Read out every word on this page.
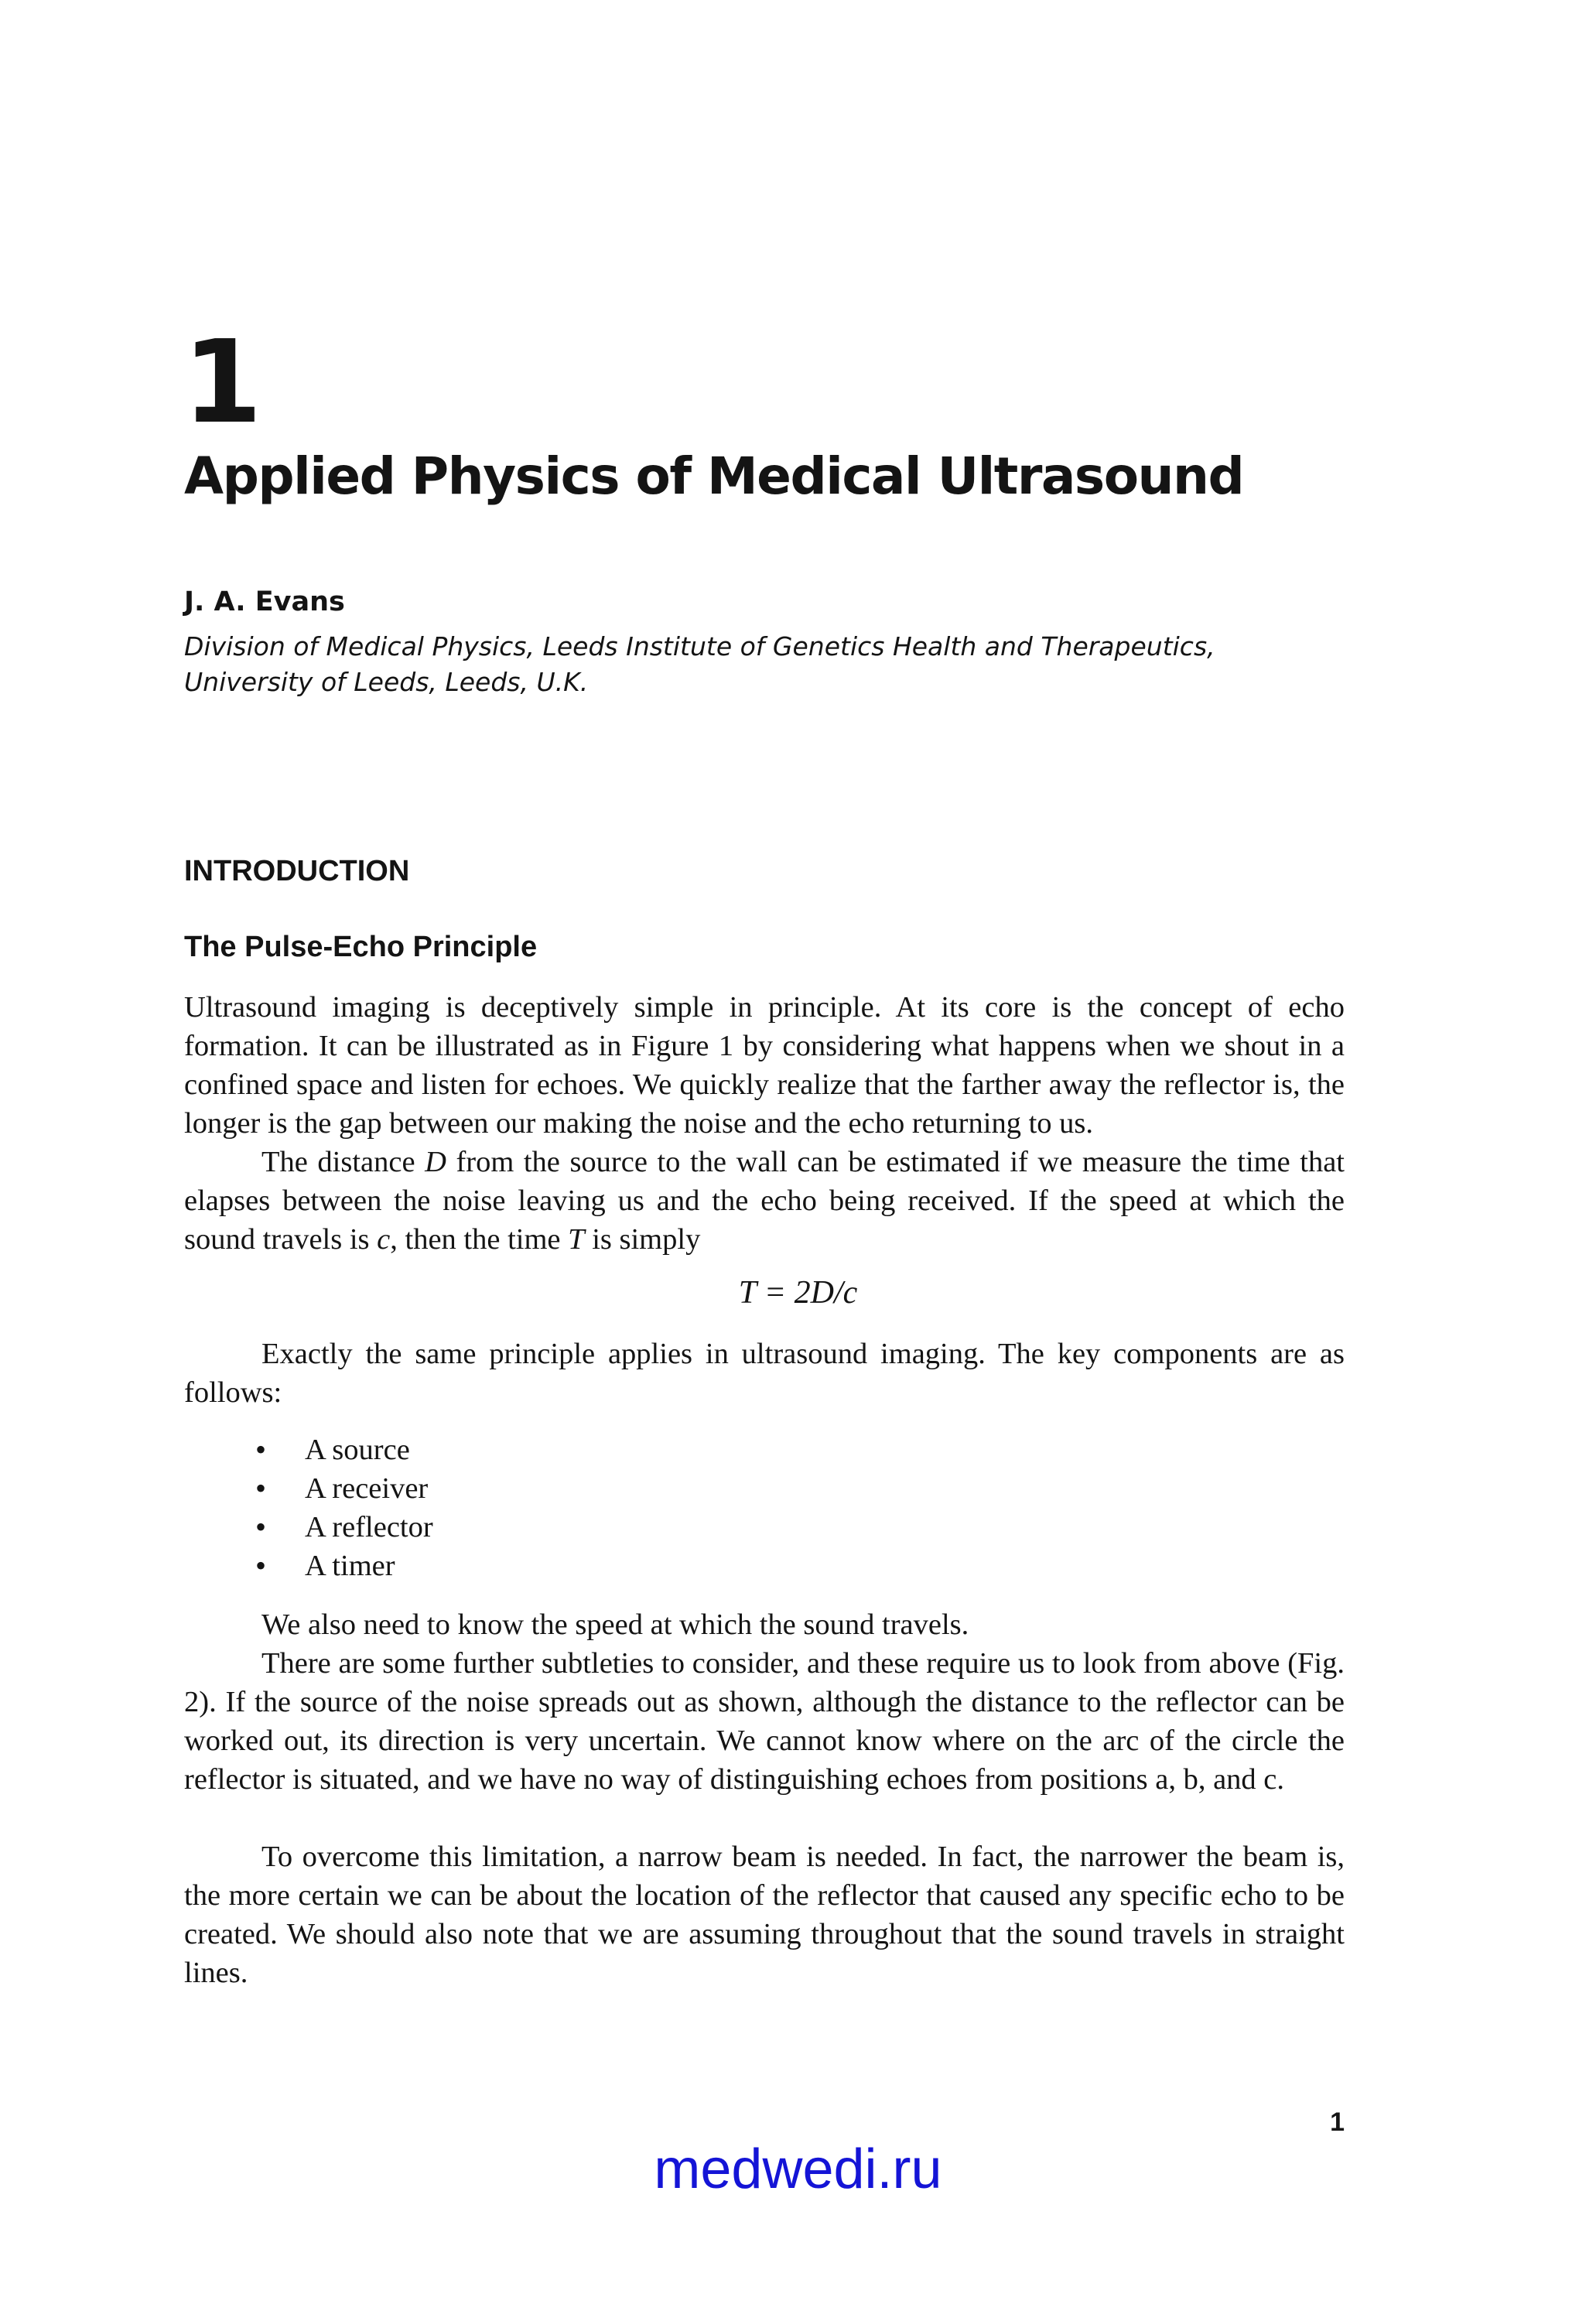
1
Applied Physics of Medical Ultrasound
J. A. Evans
Division of Medical Physics, Leeds Institute of Genetics Health and Therapeutics,
University of Leeds, Leeds, U.K.
INTRODUCTION
The Pulse-Echo Principle

Ultrasound imaging is deceptively simple in principle. At its core is the concept of echo formation. It can be illustrated as in Figure 1 by considering what happens when we shout in a confined space and listen for echoes. We quickly realize that the farther away the reflector is, the longer is the gap between our making the noise and the echo returning to us.

The distance D from the source to the wall can be estimated if we measure the time that elapses between the noise leaving us and the echo being received. If the speed at which the sound travels is c, then the time T is simply

T = 2D/c

Exactly the same principle applies in ultrasound imaging. The key components are as follows:

• A source
• A receiver
• A reflector
• A timer

We also need to know the speed at which the sound travels.

There are some further subtleties to consider, and these require us to look from above (Fig. 2). If the source of the noise spreads out as shown, although the distance to the reflector can be worked out, its direction is very uncertain. We cannot know where on the arc of the circle the reflector is situated, and we have no way of distinguishing echoes from positions a, b, and c.

To overcome this limitation, a narrow beam is needed. In fact, the narrower the beam is, the more certain we can be about the location of the reflector that caused any specific echo to be created. We should also note that we are assuming throughout that the sound travels in straight lines.

1
medwedi.ru
